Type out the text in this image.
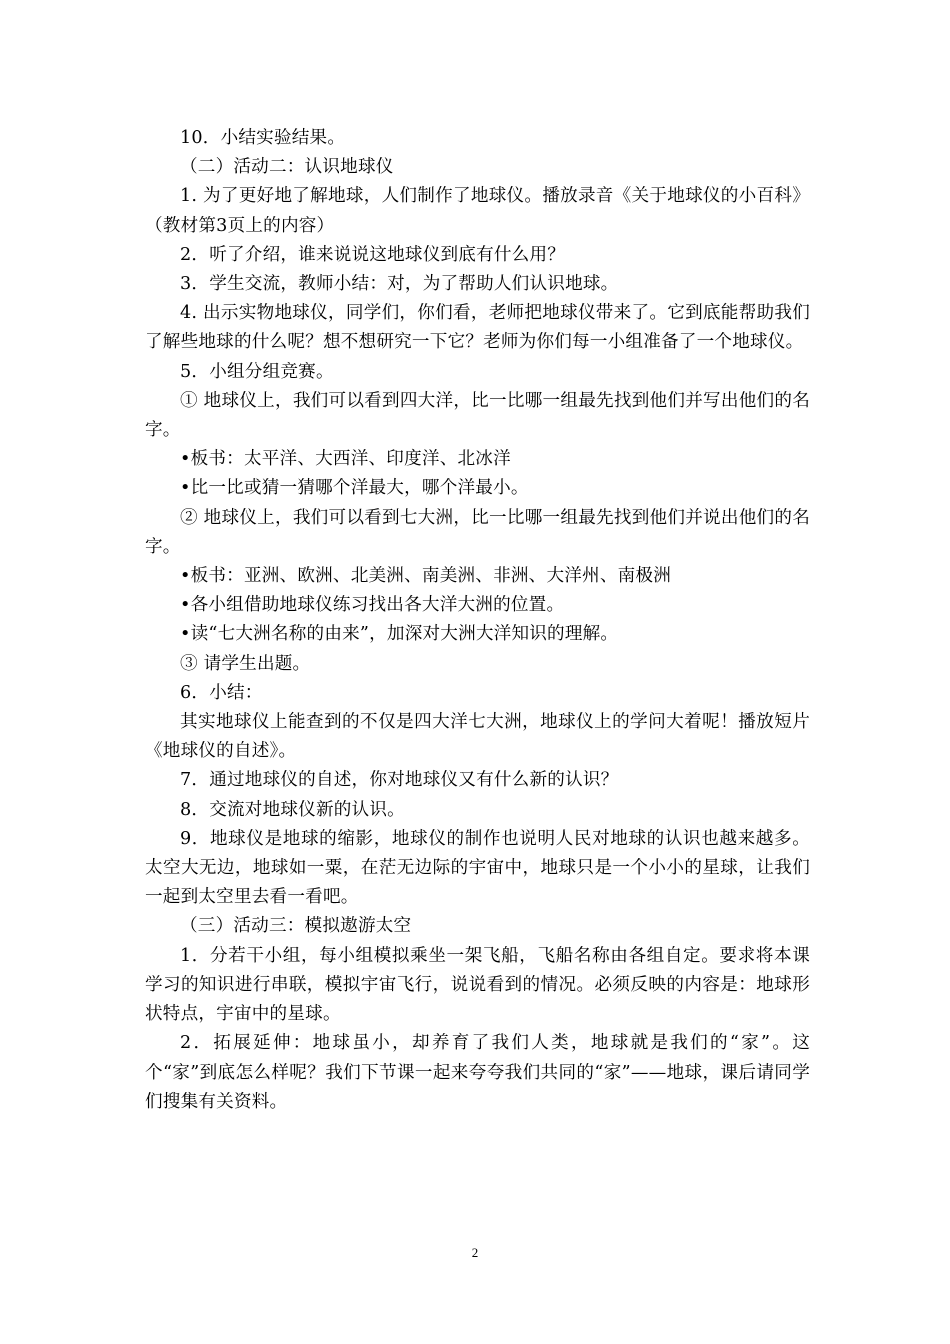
10．小结实验结果。

（二）活动二：认识地球仪

1. 为了更好地了解地球，人们制作了地球仪。播放录音《关于地球仪的小百科》（教材第3页上的内容）

2．听了介绍，谁来说说这地球仪到底有什么用？

3．学生交流，教师小结：对，为了帮助人们认识地球。

4. 出示实物地球仪，同学们，你们看，老师把地球仪带来了。它到底能帮助我们了解些地球的什么呢？想不想研究一下它？老师为你们每一小组准备了一个地球仪。

5．小组分组竞赛。

① 地球仪上，我们可以看到四大洋，比一比哪一组最先找到他们并写出他们的名字。

•板书：太平洋、大西洋、印度洋、北冰洋

•比一比或猜一猜哪个洋最大，哪个洋最小。

② 地球仪上，我们可以看到七大洲，比一比哪一组最先找到他们并说出他们的名字。

•板书：亚洲、欧洲、北美洲、南美洲、非洲、大洋州、南极洲

•各小组借助地球仪练习找出各大洋大洲的位置。

•读“七大洲名称的由来”，加深对大洲大洋知识的理解。

③ 请学生出题。

6．小结：

其实地球仪上能查到的不仅是四大洋七大洲，地球仪上的学问大着呢！播放短片《地球仪的自述》。

7．通过地球仪的自述，你对地球仪又有什么新的认识？

8．交流对地球仪新的认识。

9．地球仪是地球的缩影，地球仪的制作也说明人民对地球的认识也越来越多。太空大无边，地球如一粟，在茫无边际的宇宙中，地球只是一个小小的星球，让我们一起到太空里去看一看吧。

（三）活动三：模拟遨游太空

1．分若干小组，每小组模拟乘坐一架飞船，飞船名称由各组自定。要求将本课学习的知识进行串联，模拟宇宙飞行，说说看到的情况。必须反映的内容是：地球形状特点，宇宙中的星球。

2．拓展延伸：地球虽小，却养育了我们人类，地球就是我们的“家”。这个“家”到底怎么样呢？我们下节课一起来夸夸我们共同的“家”——地球，课后请同学们搜集有关资料。

2
